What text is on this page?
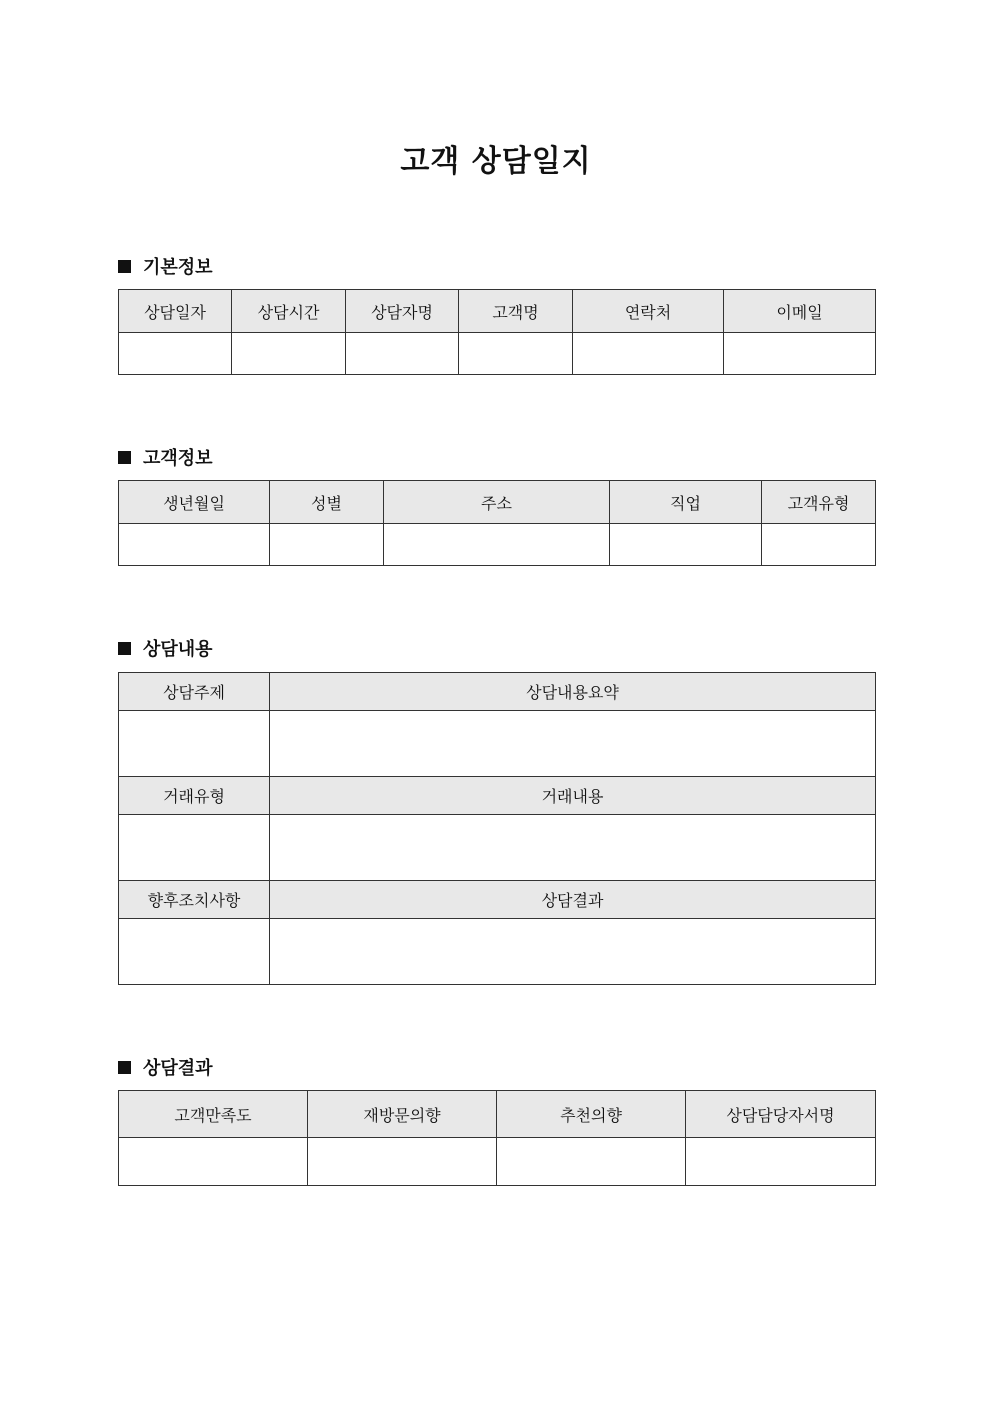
고객 상담일지
기본정보
상담일자	상담시간	상담자명	고객명	연락처	이메일

고객정보
생년월일	성별	주소	직업	고객유형

상담내용
상담주제	상담내용요약

거래유형	거래내용

향후조치사항	상담결과

상담결과
고객만족도	재방문의향	추천의향	상담담당자서명
